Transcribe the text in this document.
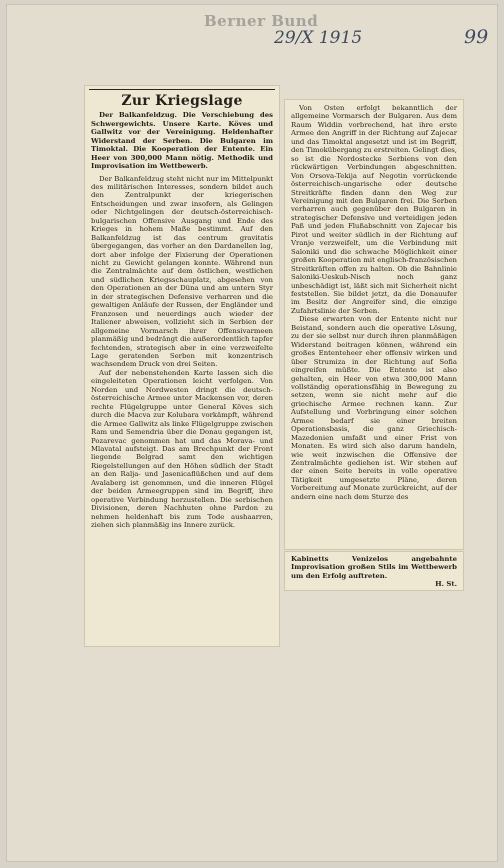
Berner Bund
29/X 1915	99
Zur Kriegslage

Der Balkanfeldzug. Die Verschiebung des Schwergewichts. Unsere Karte. Köves und Gallwitz vor der Vereinigung. Heldenhafter Widerstand der Serben. Die Bulgaren im Timoktal. Die Kooperation der Entente. Ein Heer von 300,000 Mann nötig. Methodik und Improvisation im Wettbewerb.

Der Balkanfeldzug steht nicht nur im Mittelpunkt des militärischen Interesses, sondern bildet auch den Zentralpunkt der kriegerischen Entscheidungen und zwar insofern, als Gelingen oder Nichtgelingen der deutsch-österreichisch-bulgarischen Offensive Ausgang und Ende des Krieges in hohem Maße bestimmt. Auf den Balkanfeldzug ist das centrum gravitatis übergegangen, das vorher an den Dardanellen lag, dort aber infolge der Fixierung der Operationen nicht zu Gewicht gelangen konnte. Während nun die Zentralmächte auf dem östlichen, westlichen und südlichen Kriegsschauplatz, abgesehen von den Operationen an der Düna und am untern Styr in der strategischen Defensive verharren und die gewaltigen Anläufe der Russen, der Engländer und Franzosen und neuerdings auch wieder der Italiener abweisen, vollzieht sich in Serbien der allgemeine Vormarsch ihrer Offensivarmeen planmäßig und bedrängt die außerordentlich tapfer fechtenden, strategisch aber in eine verzweifelte Lage geratenden Serben mit konzentrisch wachsendem Druck von drei Seiten.

Auf der nebenstehenden Karte lassen sich die eingeleiteten Operationen leicht verfolgen. Von Norden und Nordwesten dringt die deutsch-österreichische Armee unter Mackensen vor, deren rechte Flügelgruppe unter General Köves sich durch die Macva zur Kolubara vorkämpft, während die Armee Gallwitz als linke Flügelgruppe zwischen Ram und Semendria über die Donau gegangen ist, Pozarevac genommen hat und das Morava- und Mlavatal aufsteigt. Das am Brechpunkt der Front liegende Belgrad samt den wichtigen Riegelstellungen auf den Höhen südlich der Stadt an den Ralja- und Jasenicaflüßchen und auf dem Avalaberg ist genommen, und die inneren Flügel der beiden Armeegruppen sind im Begriff, ihre operative Verbindung herzustellen. Die serbischen Divisionen, deren Nachhuten ohne Pardon zu nehmen heldenhaft bis zum Tode aushaarren, ziehen sich planmäßig ins Innere zurück.

Von Osten erfolgt bekanntlich der allgemeine Vormarsch der Bulgaren. Aus dem Raum Widdin vorbrechend, hat ihre erste Armee den Angriff in der Richtung auf Zajecar und das Timoktal angesetzt und ist im Begriff, den Timokübergang zu erstreiten. Gelingt dies, so ist die Nordostecke Serbiens von den rückwärtigen Verbindungen abgeschnitten. Von Orsova-Tekija auf Negotin vorrückende österreichisch-ungarische oder deutsche Streitkräfte finden dann den Weg zur Vereinigung mit den Bulgaren frei. Die Serben verharren auch gegenüber den Bulgaren in strategischer Defensive und verteidigen jeden Paß und jeden Flußabschnitt von Zajecar bis Pirot und weiter südlich in der Richtung auf Vranje verzweifelt, um die Verbindung mit Saloniki und die schwache Möglichkeit einer großen Kooperation mit englisch-französischen Streitkräften offen zu halten. Ob die Bahnlinie Saloniki-Ueskub-Nisch noch ganz unbeschädigt ist, läßt sich mit Sicherheit nicht feststellen. Sie bildet jetzt, da die Donauufer im Besitz der Angreifer sind, die einzige Zufahrtslinie der Serben.

Diese erwarten von der Entente nicht nur Beistand, sondern auch die operative Lösung, zu der sie selbst nur durch ihren planmäßigen Widerstand beitragen können, während ein großes Ententeheer eher offensiv wirken und über Strumiza in der Richtung auf Sofia eingreifen müßte. Die Entente ist also gehalten, ein Heer von etwa 300,000 Mann vollständig operationsfähig in Bewegung zu setzen, wenn sie nicht mehr auf die griechische Armee rechnen kann. Zur Aufstellung und Vorbringung einer solchen Armee bedarf sie einer breiten Operationsbasis, die ganz Griechisch-Mazedonien umfaßt und einer Frist von Monaten. Es wird sich also darum handeln, wie weit inzwischen die Offensive der Zentralmächte gediehen ist. Wir stehen auf der einen Seite bereits in volle operative Tätigkeit umgesetzte Pläne, deren Vorbereitung auf Monate zurückreicht, auf der andern eine nach dem Sturze des

Kabinetts Venizelos angebahnte Improvisation großen Stils im Wettbewerb um den Erfolg auftreten.

H. St.
